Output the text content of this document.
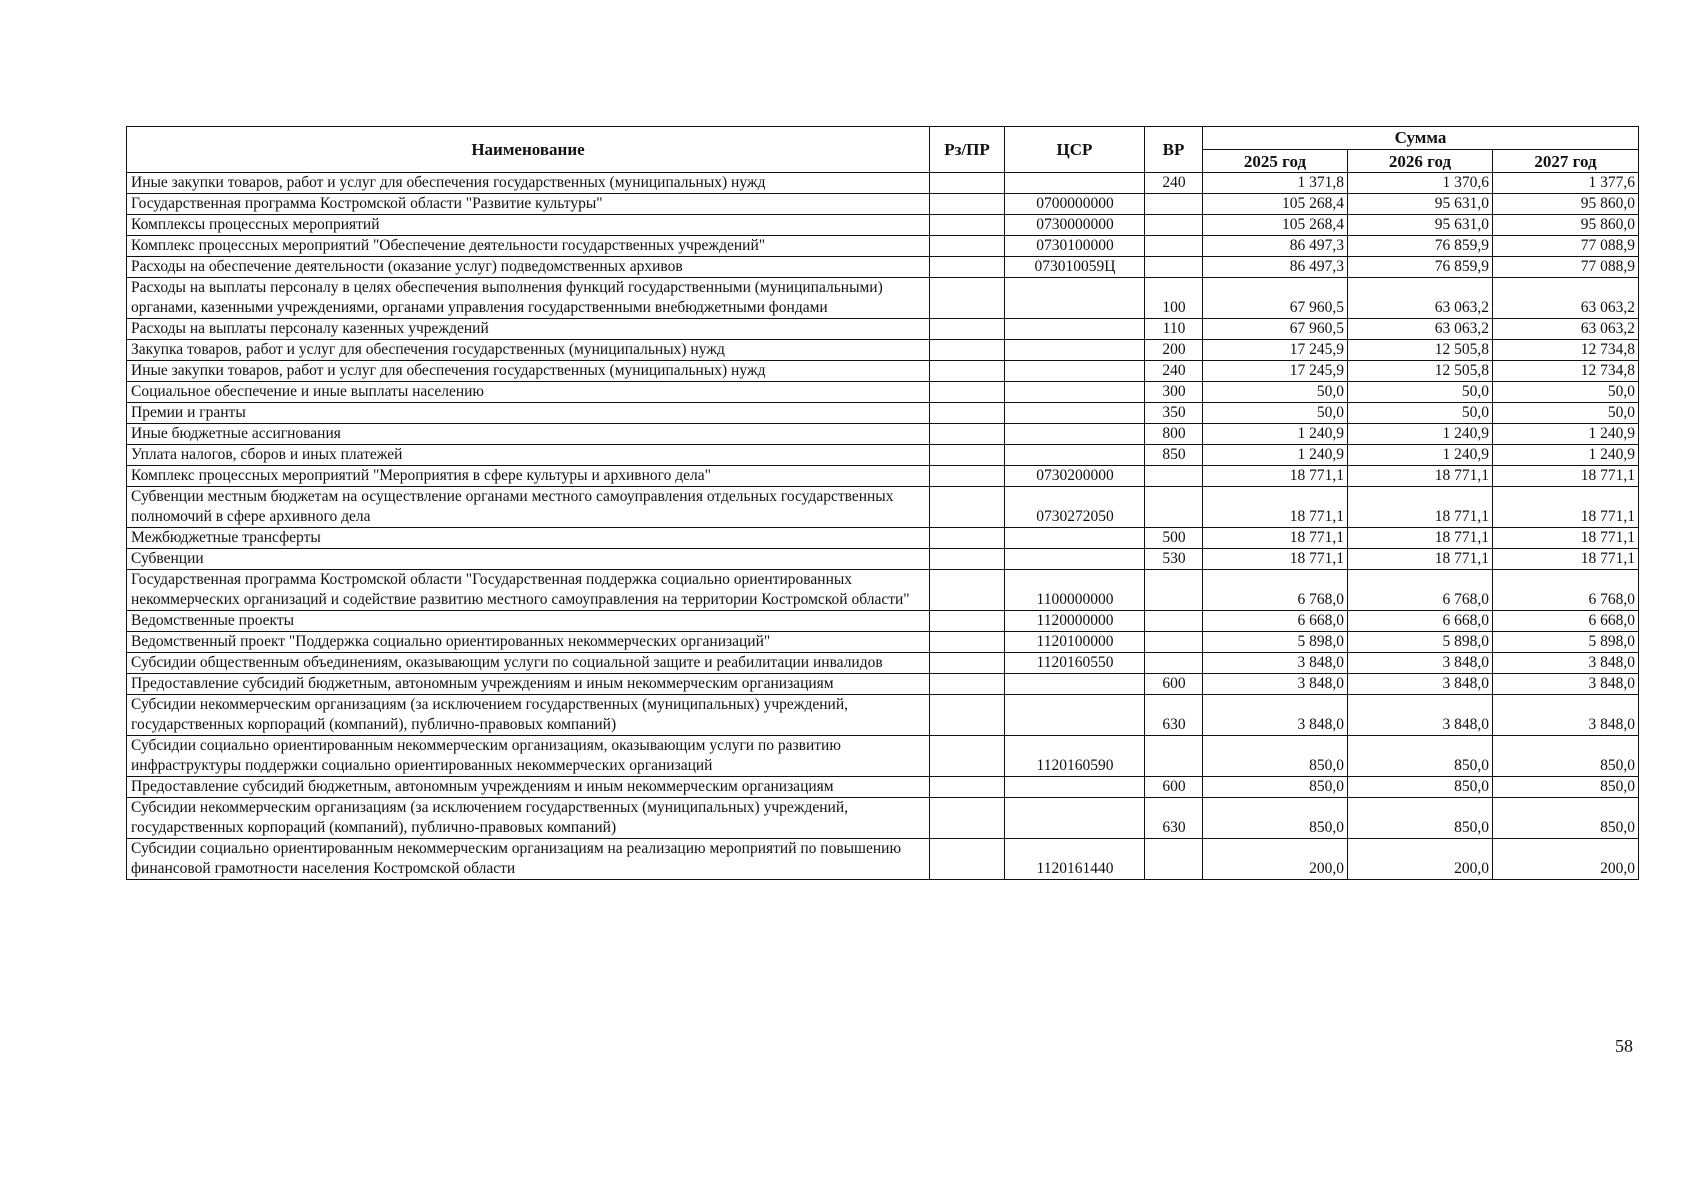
Наименование	Рз/ПР	ЦСР	ВР	Сумма		
				2025 год	2026 год	2027 год
Иные закупки товаров, работ и услуг для обеспечения государственных (муниципальных) нужд			240	1 371,8	1 370,6	1 377,6
Государственная программа Костромской области "Развитие культуры"		0700000000		105 268,4	95 631,0	95 860,0
Комплексы процессных мероприятий		0730000000		105 268,4	95 631,0	95 860,0
Комплекс процессных мероприятий "Обеспечение деятельности государственных учреждений"		0730100000		86 497,3	76 859,9	77 088,9
Расходы на обеспечение деятельности (оказание услуг) подведомственных архивов		073010059Ц		86 497,3	76 859,9	77 088,9
Расходы на выплаты персоналу в целях обеспечения выполнения функций государственными (муниципальными) органами, казенными учреждениями, органами управления государственными внебюджетными фондами			100	67 960,5	63 063,2	63 063,2
Расходы на выплаты персоналу казенных учреждений			110	67 960,5	63 063,2	63 063,2
Закупка товаров, работ и услуг для обеспечения государственных (муниципальных) нужд			200	17 245,9	12 505,8	12 734,8
Иные закупки товаров, работ и услуг для обеспечения государственных (муниципальных) нужд			240	17 245,9	12 505,8	12 734,8
Социальное обеспечение и иные выплаты населению			300	50,0	50,0	50,0
Премии и гранты			350	50,0	50,0	50,0
Иные бюджетные ассигнования			800	1 240,9	1 240,9	1 240,9
Уплата налогов, сборов и иных платежей			850	1 240,9	1 240,9	1 240,9
Комплекс процессных мероприятий "Мероприятия в сфере культуры и архивного дела"		0730200000		18 771,1	18 771,1	18 771,1
Субвенции местным бюджетам на осуществление органами местного самоуправления отдельных государственных полномочий в сфере архивного дела		0730272050		18 771,1	18 771,1	18 771,1
Межбюджетные трансферты			500	18 771,1	18 771,1	18 771,1
Субвенции			530	18 771,1	18 771,1	18 771,1
Государственная программа Костромской области "Государственная поддержка социально ориентированных некоммерческих организаций и содействие развитию местного самоуправления на территории Костромской области"		1100000000		6 768,0	6 768,0	6 768,0
Ведомственные проекты		1120000000		6 668,0	6 668,0	6 668,0
Ведомственный проект "Поддержка социально ориентированных некоммерческих организаций"		1120100000		5 898,0	5 898,0	5 898,0
Субсидии общественным объединениям, оказывающим услуги по социальной защите и реабилитации инвалидов		1120160550		3 848,0	3 848,0	3 848,0
Предоставление субсидий бюджетным, автономным учреждениям и иным некоммерческим организациям			600	3 848,0	3 848,0	3 848,0
Субсидии некоммерческим организациям (за исключением государственных (муниципальных) учреждений, государственных корпораций (компаний), публично-правовых компаний)			630	3 848,0	3 848,0	3 848,0
Субсидии социально ориентированным некоммерческим организациям, оказывающим услуги по развитию инфраструктуры поддержки социально ориентированных некоммерческих организаций		1120160590		850,0	850,0	850,0
Предоставление субсидий бюджетным, автономным учреждениям и иным некоммерческим организациям			600	850,0	850,0	850,0
Субсидии некоммерческим организациям (за исключением государственных (муниципальных) учреждений, государственных корпораций (компаний), публично-правовых компаний)			630	850,0	850,0	850,0
Субсидии социально ориентированным некоммерческим организациям на реализацию мероприятий по повышению финансовой грамотности населения Костромской области		1120161440		200,0	200,0	200,0
58
